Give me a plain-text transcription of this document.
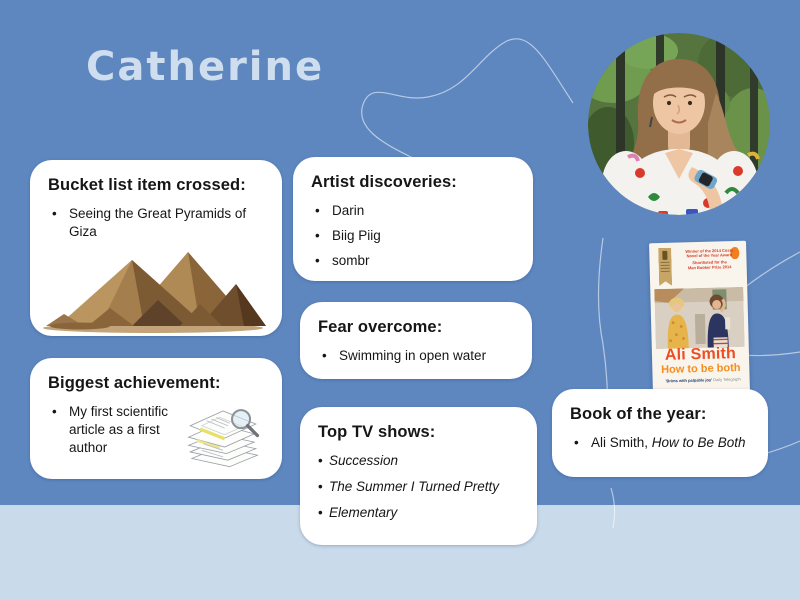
Catherine
Bucket list item crossed:
• Seeing the Great Pyramids of Giza
Artist discoveries:
• Darin
• Biig Piig
• sombr
Fear overcome:
• Swimming in open water
Biggest achievement:
• My first scientific article as a first author
Top TV shows:
• Succession
• The Summer I Turned Pretty
• Elementary
Book of the year:
• Ali Smith, How to Be Both
Winner of the 2014 Costa
Novel of the Year Award
Shortlisted for the
Man Booker Prize 2014
Ali Smith
How to be both
'Brims with palpable joy' Daily Telegraph
